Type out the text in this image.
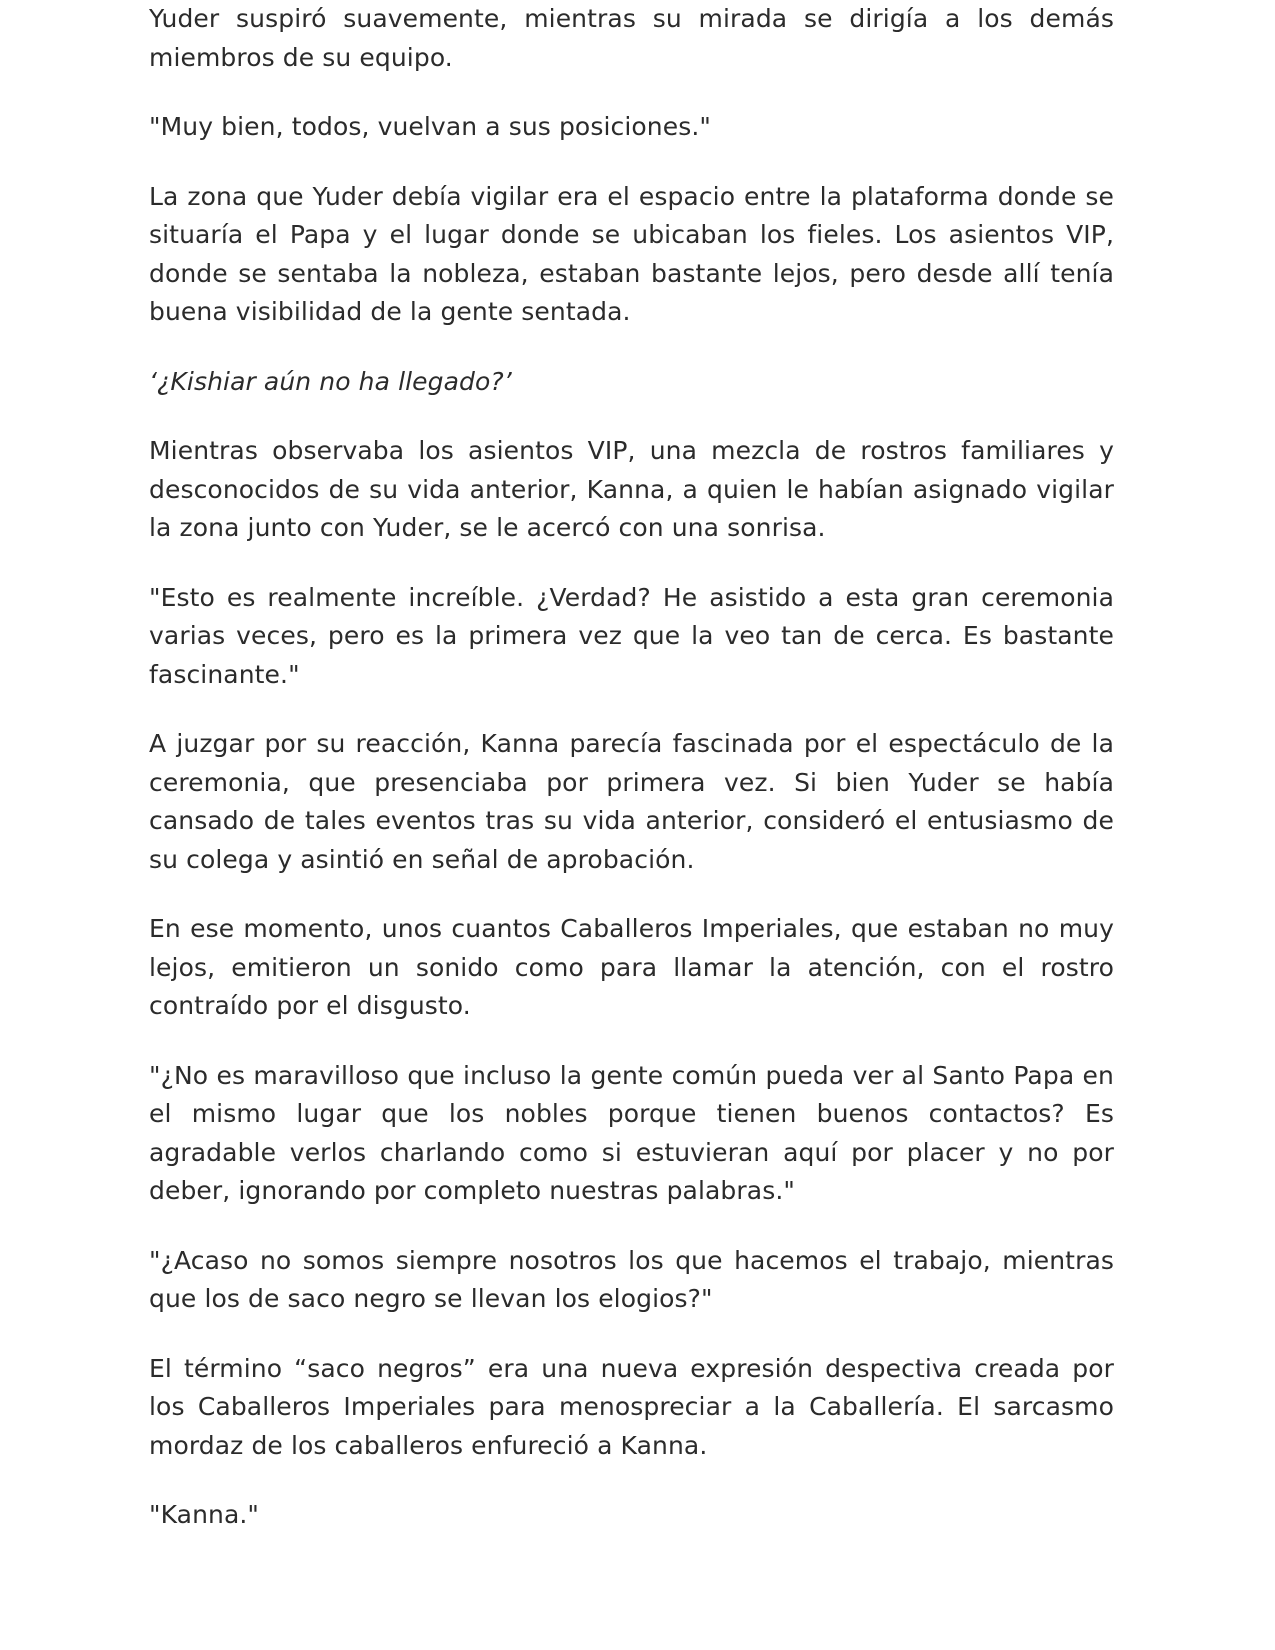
Yuder suspiró suavemente, mientras su mirada se dirigía a los demás miembros de su equipo.

"Muy bien, todos, vuelvan a sus posiciones."

La zona que Yuder debía vigilar era el espacio entre la plataforma donde se situaría el Papa y el lugar donde se ubicaban los fieles. Los asientos VIP, donde se sentaba la nobleza, estaban bastante lejos, pero desde allí tenía buena visibilidad de la gente sentada.

‘¿Kishiar aún no ha llegado?’

Mientras observaba los asientos VIP, una mezcla de rostros familiares y desconocidos de su vida anterior, Kanna, a quien le habían asignado vigilar la zona junto con Yuder, se le acercó con una sonrisa.

"Esto es realmente increíble. ¿Verdad? He asistido a esta gran ceremonia varias veces, pero es la primera vez que la veo tan de cerca. Es bastante fascinante."

A juzgar por su reacción, Kanna parecía fascinada por el espectáculo de la ceremonia, que presenciaba por primera vez. Si bien Yuder se había cansado de tales eventos tras su vida anterior, consideró el entusiasmo de su colega y asintió en señal de aprobación.

En ese momento, unos cuantos Caballeros Imperiales, que estaban no muy lejos, emitieron un sonido como para llamar la atención, con el rostro contraído por el disgusto.

"¿No es maravilloso que incluso la gente común pueda ver al Santo Papa en el mismo lugar que los nobles porque tienen buenos contactos? Es agradable verlos charlando como si estuvieran aquí por placer y no por deber, ignorando por completo nuestras palabras."

"¿Acaso no somos siempre nosotros los que hacemos el trabajo, mientras que los de saco negro se llevan los elogios?"

El término “saco negros” era una nueva expresión despectiva creada por los Caballeros Imperiales para menospreciar a la Caballería. El sarcasmo mordaz de los caballeros enfureció a Kanna.

"Kanna."
